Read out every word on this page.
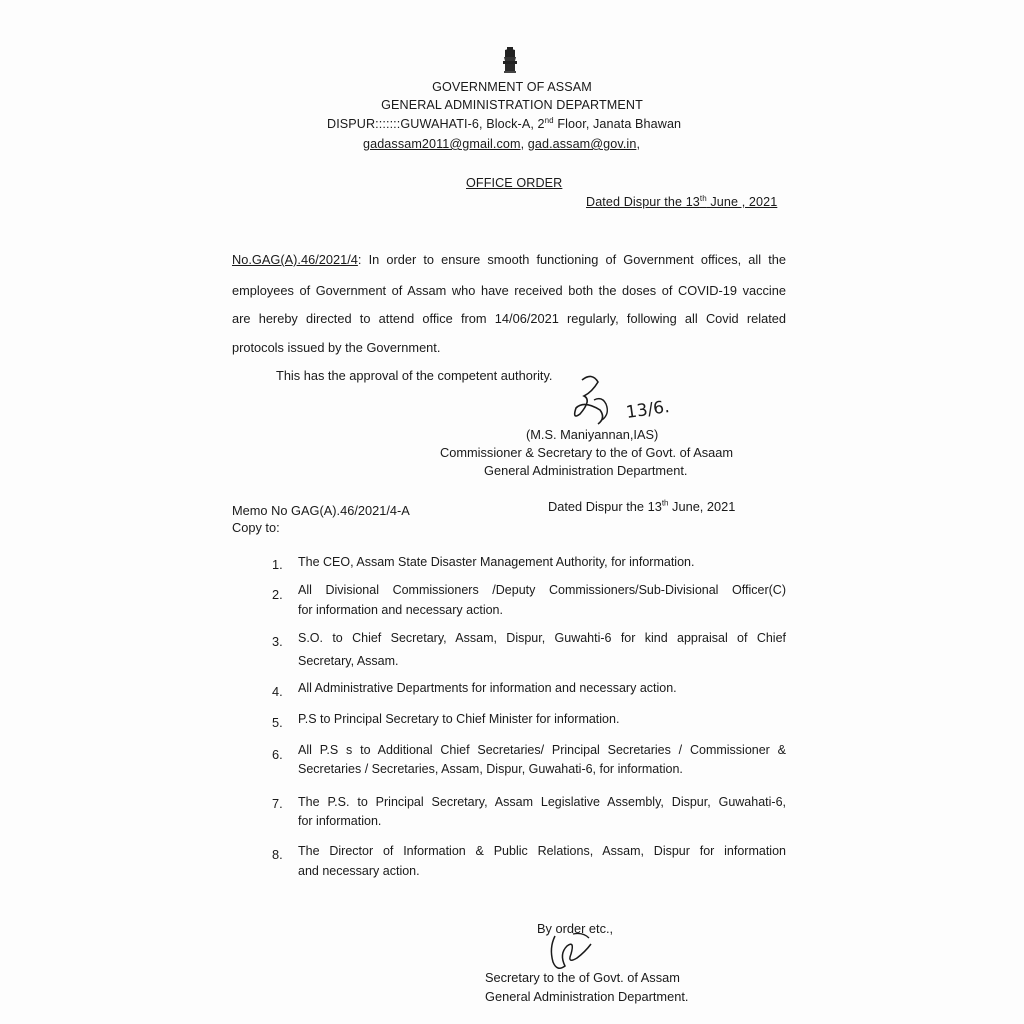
GOVERNMENT OF ASSAM
GENERAL ADMINISTRATION DEPARTMENT
DISPUR:::::::GUWAHATI-6, Block-A, 2nd Floor, Janata Bhawan
gadassam2011@gmail.com, gad.assam@gov.in,
OFFICE ORDER
Dated Dispur the 13th June , 2021
No.GAG(A).46/2021/4: In order to ensure smooth functioning of Government offices, all the
employees of Government of Assam who have received both the doses of COVID-19 vaccine
are hereby directed to attend office from 14/06/2021 regularly, following all Covid related
protocols issued by the Government.
This has the approval of the competent authority.
13/6.
(M.S. Maniyannan,IAS)
Commissioner & Secretary to the of Govt. of Asaam
General Administration Department.
Memo No GAG(A).46/2021/4-A	Dated Dispur the 13th June, 2021
Copy to:
1.	The CEO, Assam State Disaster Management Authority, for information.
2.	All Divisional Commissioners /Deputy Commissioners/Sub-Divisional Officer(C)
for information and necessary action.
3.	S.O. to Chief Secretary, Assam, Dispur, Guwahti-6 for kind appraisal of Chief
Secretary, Assam.
4.	All Administrative Departments for information and necessary action.
5.	P.S to Principal Secretary to Chief Minister for information.
6.	All P.S s to Additional Chief Secretaries/ Principal Secretaries / Commissioner &
Secretaries / Secretaries, Assam, Dispur, Guwahati-6, for information.
7.	The P.S. to Principal Secretary, Assam Legislative Assembly, Dispur, Guwahati-6,
for information.
8.	The Director of Information & Public Relations, Assam, Dispur for information
and necessary action.
By order etc.,
Secretary to the of Govt. of Assam
General Administration Department.
